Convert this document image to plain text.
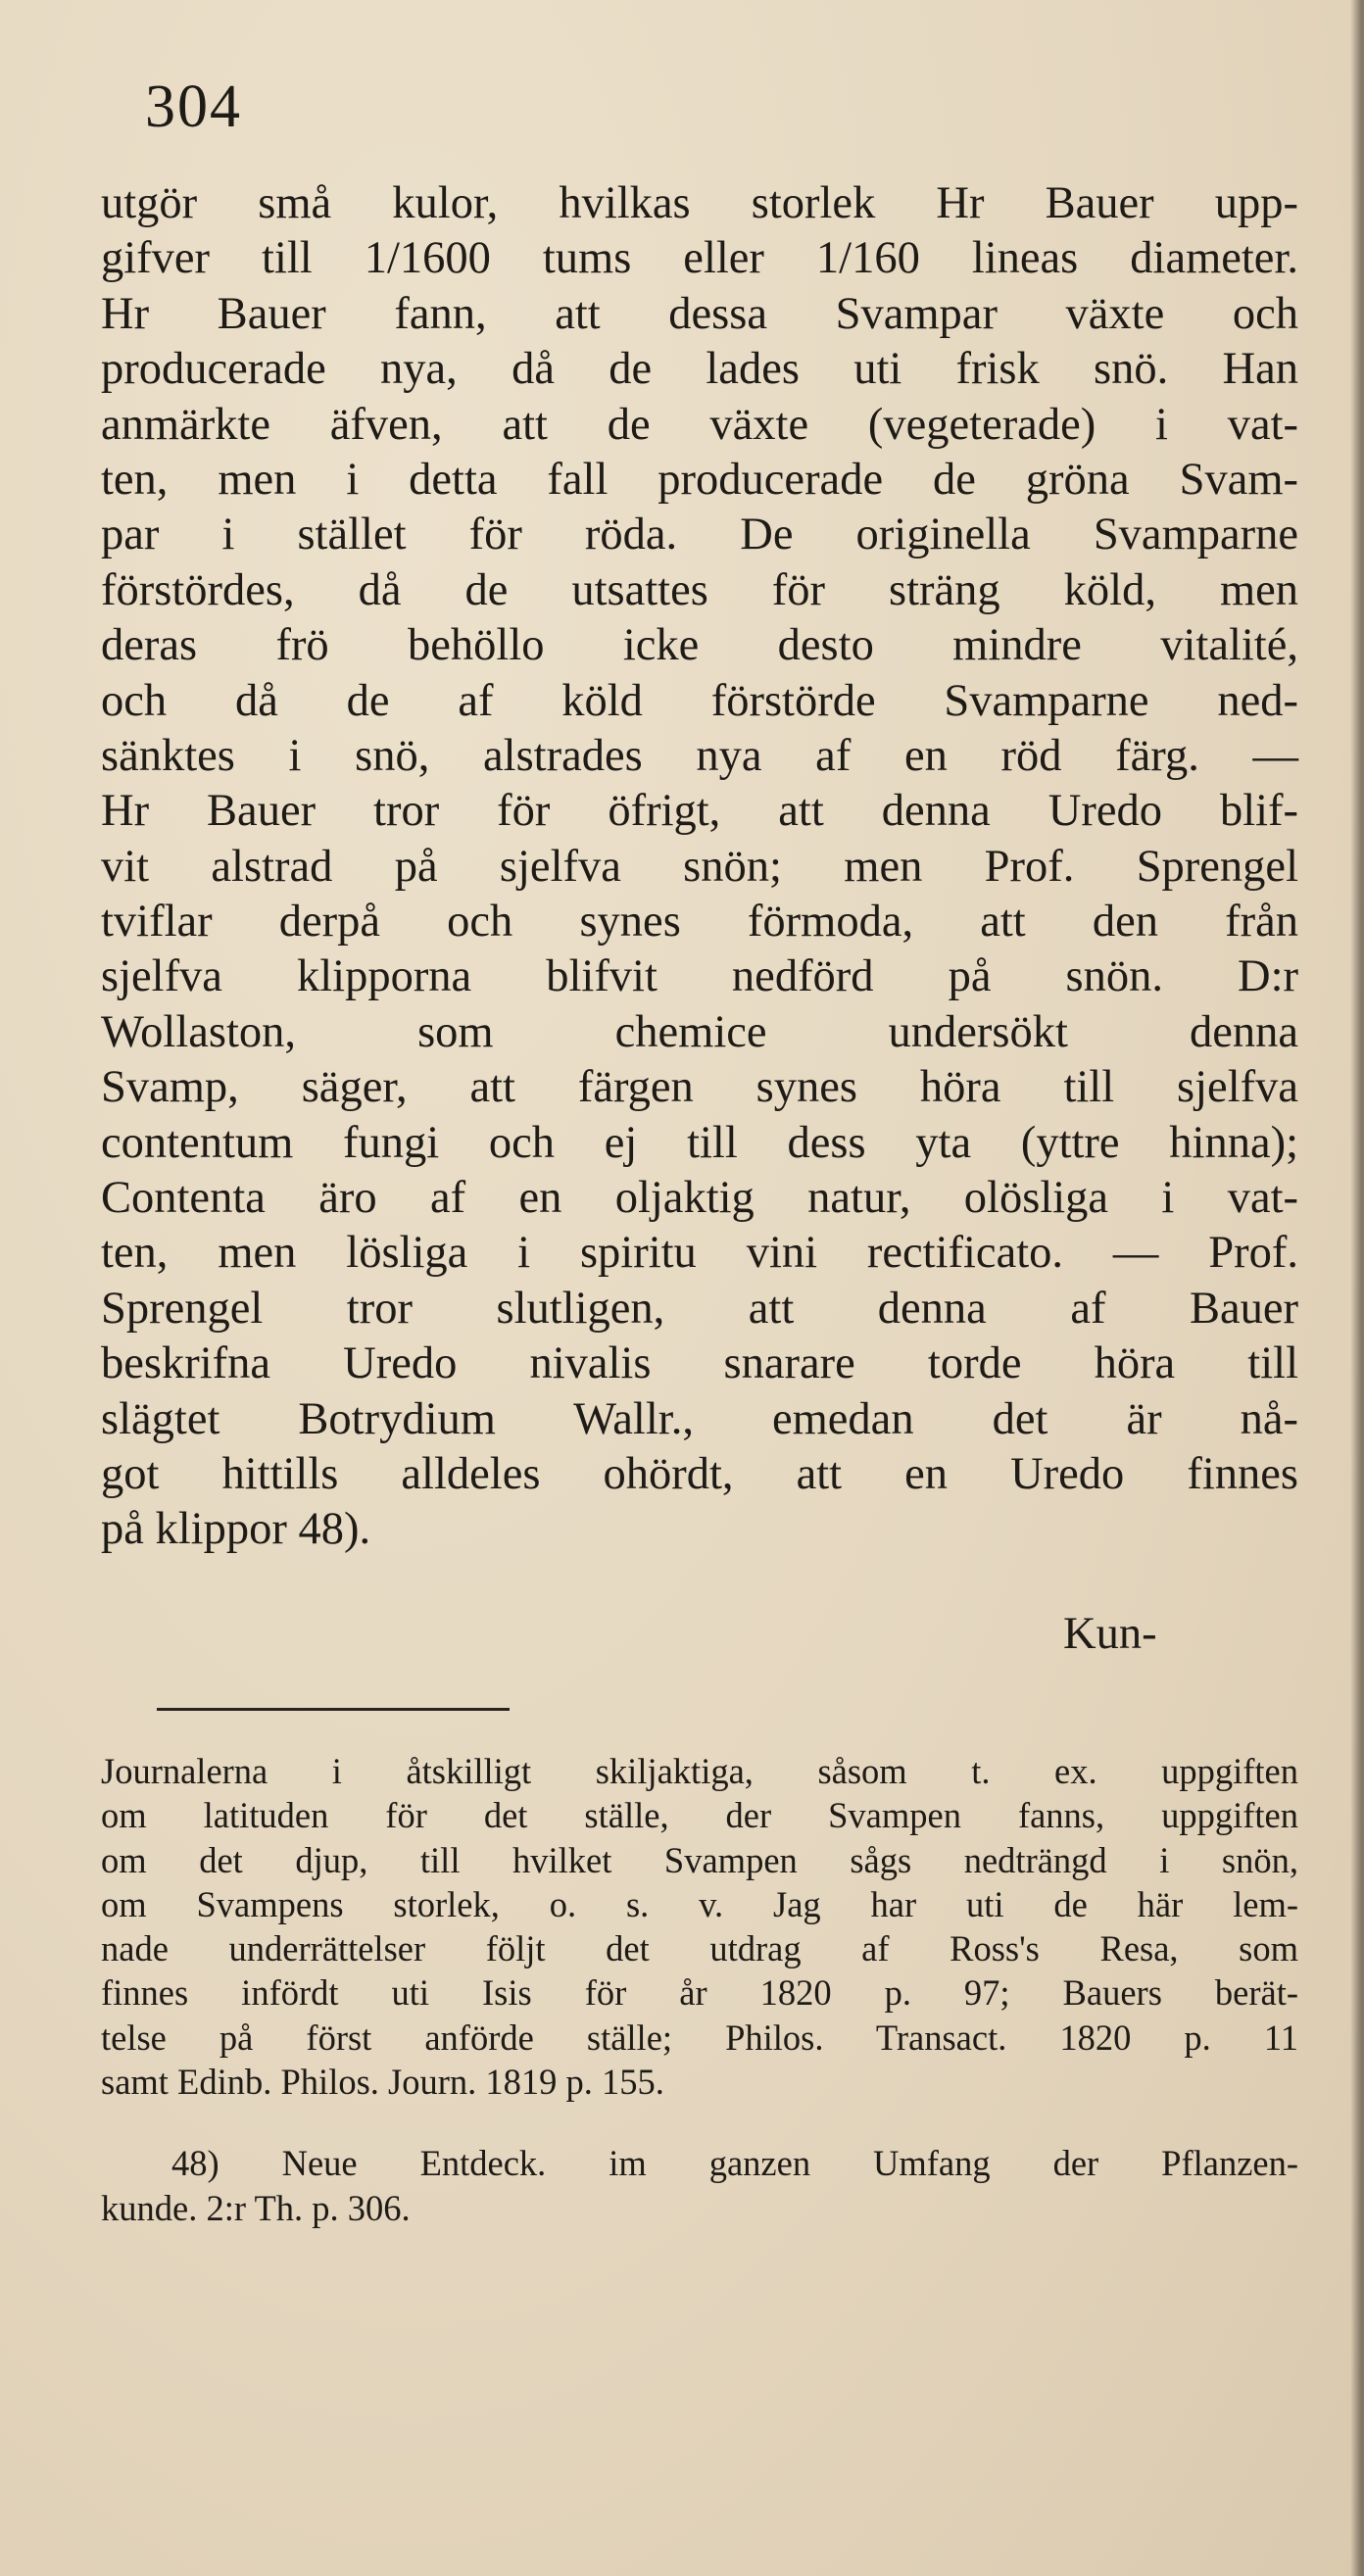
304
utgör små kulor, hvilkas storlek Hr Bauer upp-
gifver till 1/1600 tums eller 1/160 lineas diameter.
Hr Bauer fann, att dessa Svampar växte och
producerade nya, då de lades uti frisk snö. Han
anmärkte äfven, att de växte (vegeterade) i vat-
ten, men i detta fall producerade de gröna Svam-
par i stället för röda. De originella Svamparne
förstördes, då de utsattes för sträng köld, men
deras frö behöllo icke desto mindre vitalité,
och då de af köld förstörde Svamparne ned-
sänktes i snö, alstrades nya af en röd färg. —
Hr Bauer tror för öfrigt, att denna Uredo blif-
vit alstrad på sjelfva snön; men Prof. Sprengel
tviflar derpå och synes förmoda, att den från
sjelfva klipporna blifvit nedförd på snön. D:r
Wollaston, som chemice undersökt denna
Svamp, säger, att färgen synes höra till sjelfva
contentum fungi och ej till dess yta (yttre hinna);
Contenta äro af en oljaktig natur, olösliga i vat-
ten, men lösliga i spiritu vini rectificato. — Prof.
Sprengel tror slutligen, att denna af Bauer
beskrifna Uredo nivalis snarare torde höra till
slägtet Botrydium Wallr., emedan det är nå-
got hittills alldeles ohördt, att en Uredo finnes
på klippor 48).
Kun-
Journalerna i åtskilligt skiljaktiga, såsom t. ex. uppgiften
om latituden för det ställe, der Svampen fanns, uppgiften
om det djup, till hvilket Svampen sågs nedträngd i snön,
om Svampens storlek, o. s. v. Jag har uti de här lem-
nade underrättelser följt det utdrag af Ross's Resa, som
finnes infördt uti Isis för år 1820 p. 97; Bauers berät-
telse på först anförde ställe; Philos. Transact. 1820 p. 11
samt Edinb. Philos. Journ. 1819 p. 155.
48) Neue Entdeck. im ganzen Umfang der Pflanzen-
kunde. 2:r Th. p. 306.
